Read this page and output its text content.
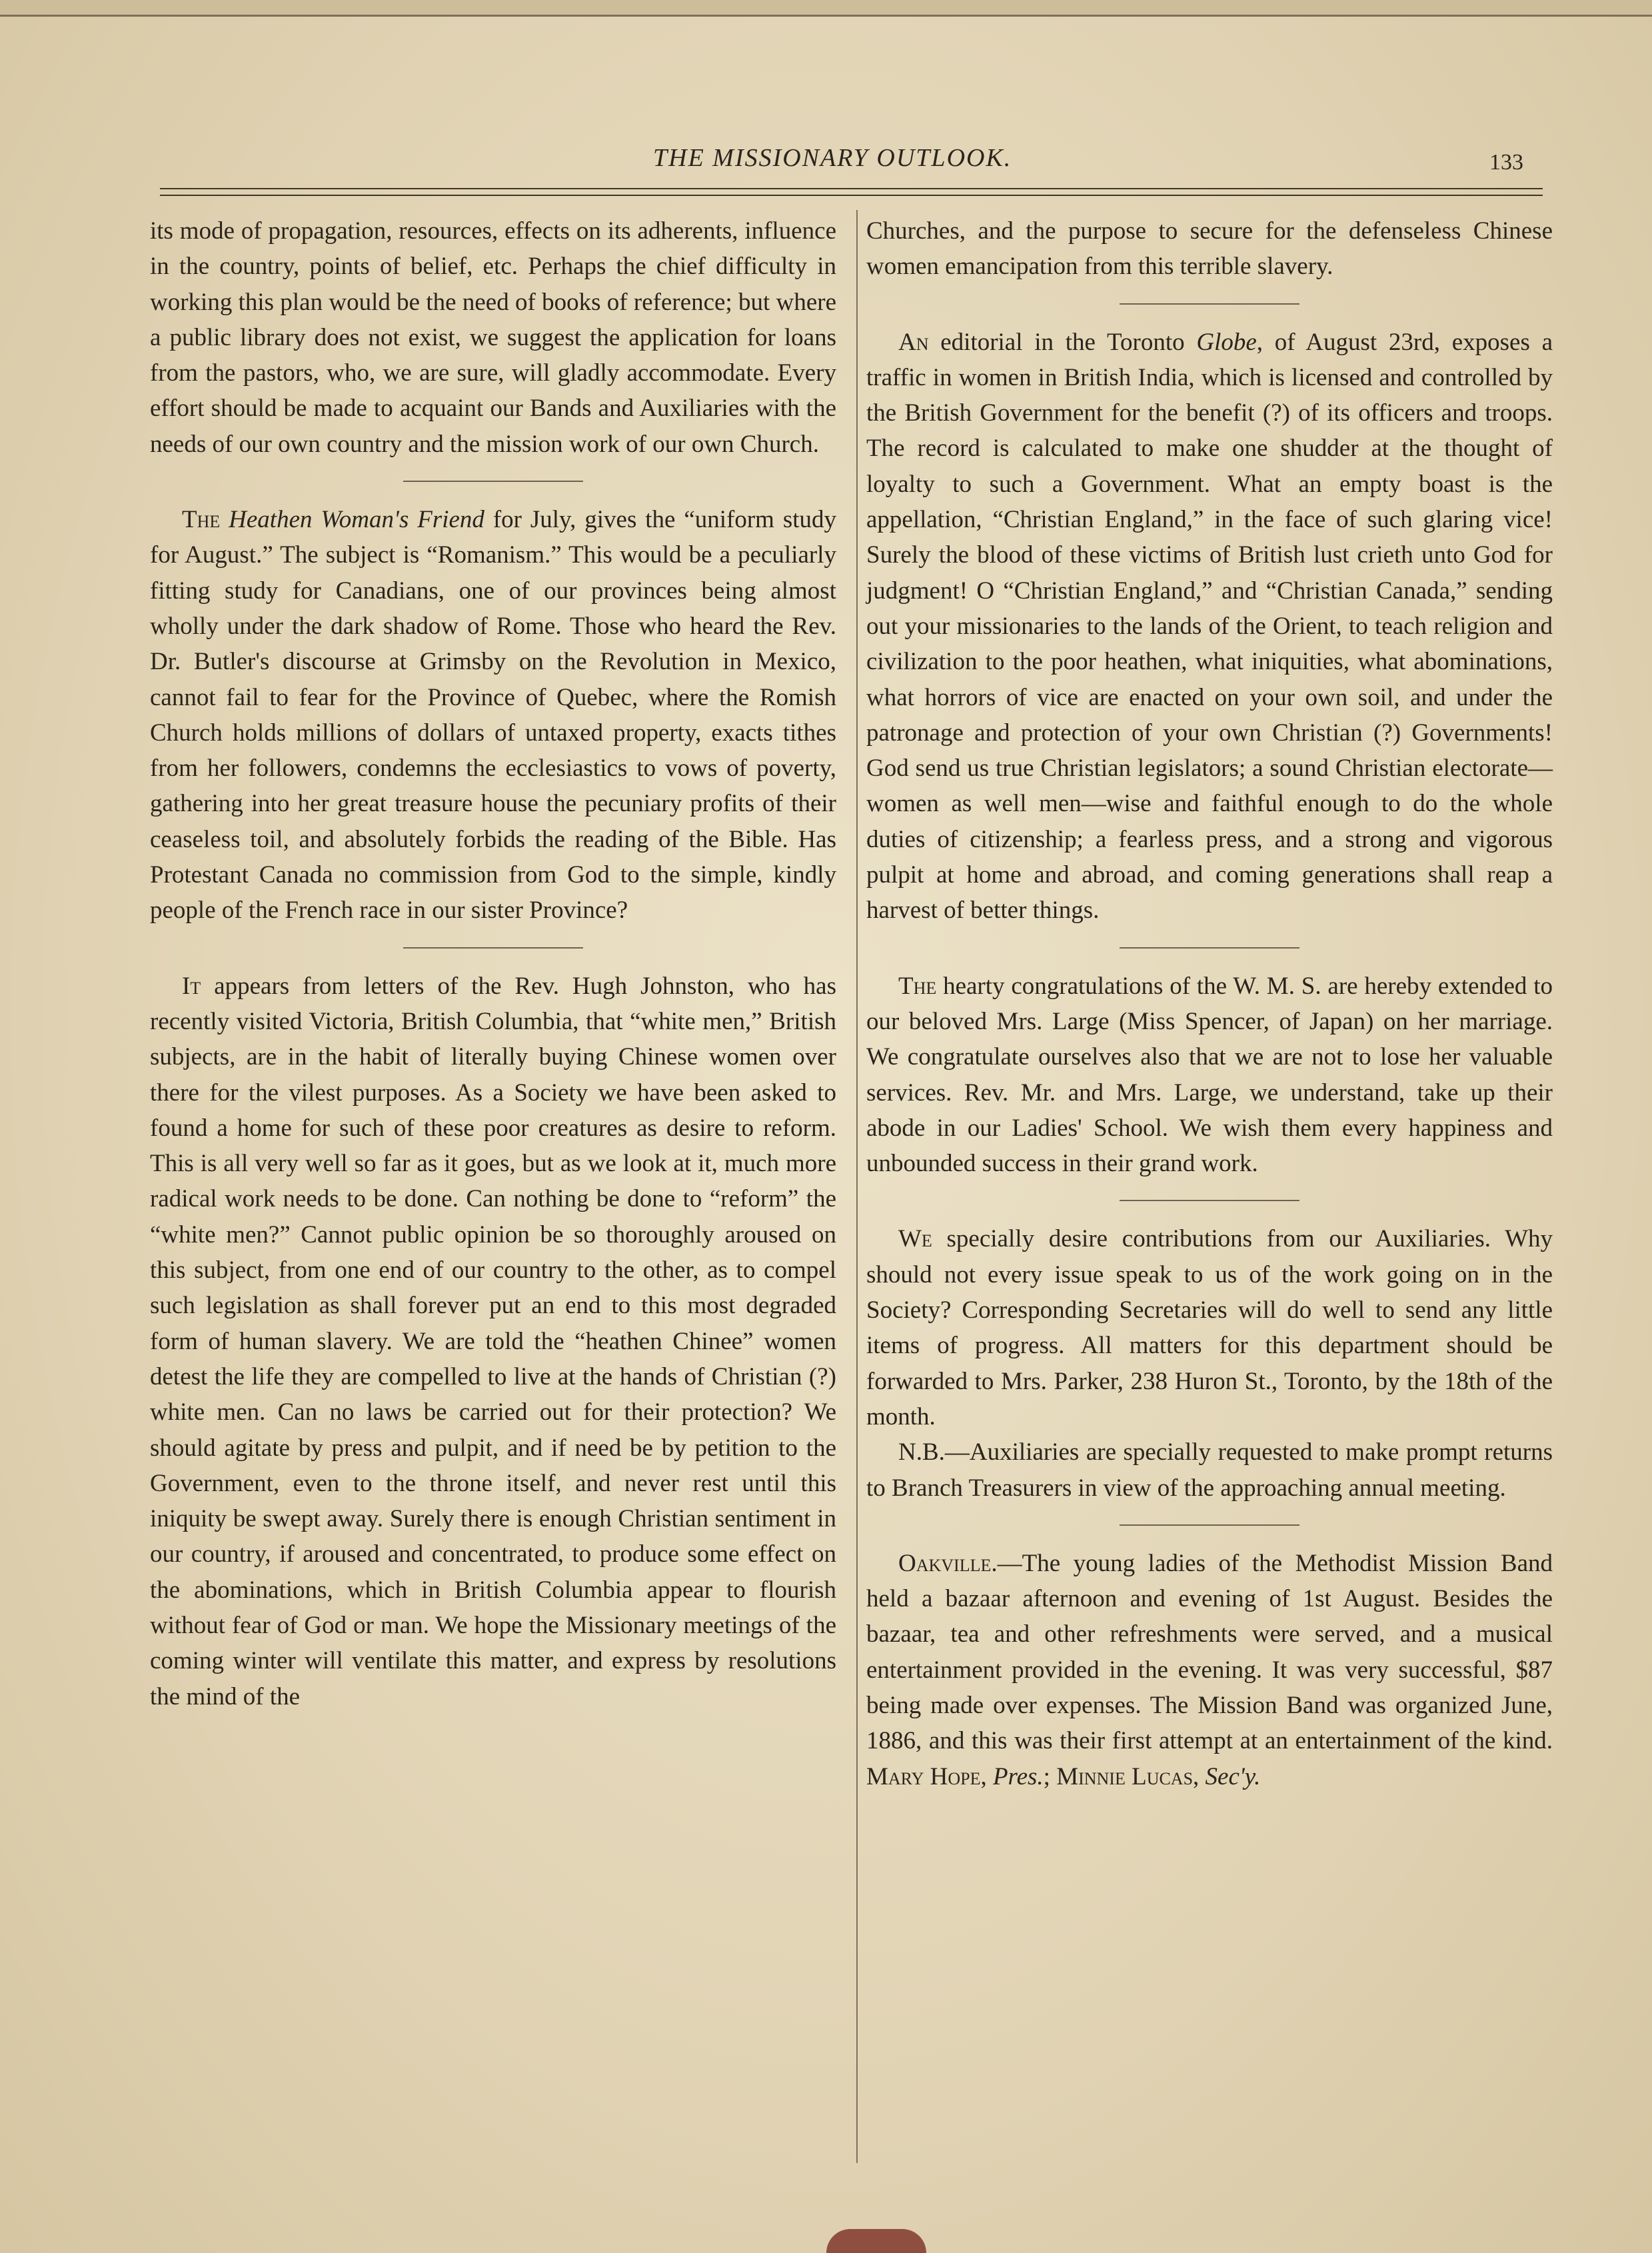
THE MISSIONARY OUTLOOK.	133

its mode of propagation, resources, effects on its adherents, influence in the country, points of belief, etc. Perhaps the chief difficulty in working this plan would be the need of books of reference; but where a public library does not exist, we suggest the application for loans from the pastors, who, we are sure, will gladly accommodate. Every effort should be made to acquaint our Bands and Auxiliaries with the needs of our own country and the mission work of our own Church.

The Heathen Woman's Friend for July, gives the “uniform study for August.” The subject is “Romanism.” This would be a peculiarly fitting study for Canadians, one of our provinces being almost wholly under the dark shadow of Rome. Those who heard the Rev. Dr. Butler's discourse at Grimsby on the Revolution in Mexico, cannot fail to fear for the Province of Quebec, where the Romish Church holds millions of dollars of untaxed property, exacts tithes from her followers, condemns the ecclesiastics to vows of poverty, gathering into her great treasure house the pecuniary profits of their ceaseless toil, and absolutely forbids the reading of the Bible. Has Protestant Canada no commission from God to the simple, kindly people of the French race in our sister Province?

It appears from letters of the Rev. Hugh Johnston, who has recently visited Victoria, British Columbia, that “white men,” British subjects, are in the habit of literally buying Chinese women over there for the vilest purposes. As a Society we have been asked to found a home for such of these poor creatures as desire to reform. This is all very well so far as it goes, but as we look at it, much more radical work needs to be done. Can nothing be done to “reform” the “white men?” Cannot public opinion be so thoroughly aroused on this subject, from one end of our country to the other, as to compel such legislation as shall forever put an end to this most degraded form of human slavery. We are told the “heathen Chinee” women detest the life they are compelled to live at the hands of Christian (?) white men. Can no laws be carried out for their protection? We should agitate by press and pulpit, and if need be by petition to the Government, even to the throne itself, and never rest until this iniquity be swept away. Surely there is enough Christian sentiment in our country, if aroused and concentrated, to produce some effect on the abominations, which in British Columbia appear to flourish without fear of God or man. We hope the Missionary meetings of the coming winter will ventilate this matter, and express by resolutions the mind of the

Churches, and the purpose to secure for the defenseless Chinese women emancipation from this terrible slavery.

An editorial in the Toronto Globe, of August 23rd, exposes a traffic in women in British India, which is licensed and controlled by the British Government for the benefit (?) of its officers and troops. The record is calculated to make one shudder at the thought of loyalty to such a Government. What an empty boast is the appellation, “Christian England,” in the face of such glaring vice! Surely the blood of these victims of British lust crieth unto God for judgment! O “Christian England,” and “Christian Canada,” sending out your missionaries to the lands of the Orient, to teach religion and civilization to the poor heathen, what iniquities, what abominations, what horrors of vice are enacted on your own soil, and under the patronage and protection of your own Christian (?) Governments! God send us true Christian legislators; a sound Christian electorate—women as well men—wise and faithful enough to do the whole duties of citizenship; a fearless press, and a strong and vigorous pulpit at home and abroad, and coming generations shall reap a harvest of better things.

The hearty congratulations of the W. M. S. are hereby extended to our beloved Mrs. Large (Miss Spencer, of Japan) on her marriage. We congratulate ourselves also that we are not to lose her valuable services. Rev. Mr. and Mrs. Large, we understand, take up their abode in our Ladies' School. We wish them every happiness and unbounded success in their grand work.

We specially desire contributions from our Auxiliaries. Why should not every issue speak to us of the work going on in the Society? Corresponding Secretaries will do well to send any little items of progress. All matters for this department should be forwarded to Mrs. Parker, 238 Huron St., Toronto, by the 18th of the month.

N.B.—Auxiliaries are specially requested to make prompt returns to Branch Treasurers in view of the approaching annual meeting.

Oakville.—The young ladies of the Methodist Mission Band held a bazaar afternoon and evening of 1st August. Besides the bazaar, tea and other refreshments were served, and a musical entertainment provided in the evening. It was very successful, $87 being made over expenses. The Mission Band was organized June, 1886, and this was their first attempt at an entertainment of the kind. Mary Hope, Pres.; Minnie Lucas, Sec'y.
